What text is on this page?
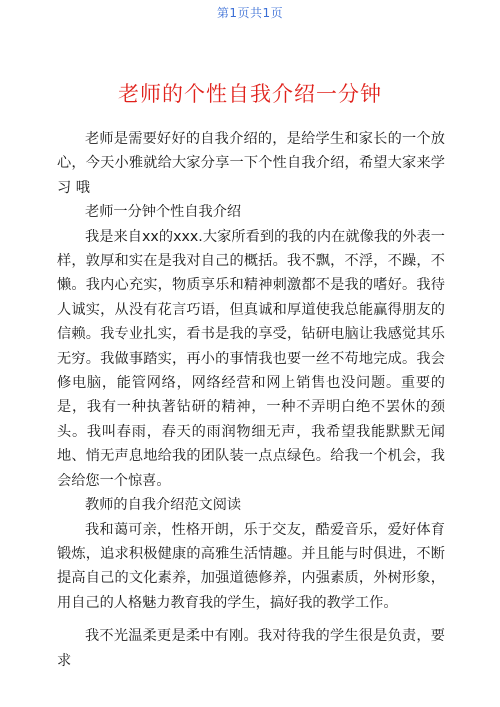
第1页共1页
老师的个性自我介绍一分钟

老师是需要好好的自我介绍的，是给学生和家长的一个放心，今天小雅就给大家分享一下个性自我介绍，希望大家来学习 哦

老师一分钟个性自我介绍

我是来自xx的xxx.大家所看到的我的内在就像我的外表一样，敦厚和实在是我对自己的概括。我不飘，不浮，不躁，不懒。我内心充实，物质享乐和精神刺激都不是我的嗜好。我待人诚实，从没有花言巧语，但真诚和厚道使我总能赢得朋友的信赖。我专业扎实，看书是我的享受，钻研电脑让我感觉其乐无穷。我做事踏实，再小的事情我也要一丝不苟地完成。我会修电脑，能管网络，网络经营和网上销售也没问题。重要的是，我有一种执著钻研的精神，一种不弄明白绝不罢休的颈头。我叫春雨，春天的雨润物细无声，我希望我能默默无闻地、悄无声息地给我的团队装一点点绿色。给我一个机会，我会给您一个惊喜。

教师的自我介绍范文阅读

我和蔼可亲，性格开朗，乐于交友，酷爱音乐，爱好体育锻炼，追求积极健康的高雅生活情趣。并且能与时俱进，不断提高自己的文化素养，加强道德修养，内强素质，外树形象，用自己的人格魅力教育我的学生，搞好我的教学工作。

我不光温柔更是柔中有刚。我对待我的学生很是负责，要求
